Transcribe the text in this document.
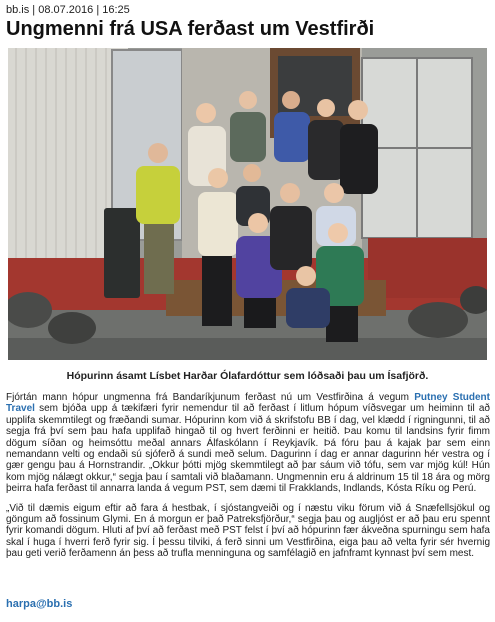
bb.is | 08.07.2016 | 16:25
Ungmenni frá USA ferðast um Vestfirði
Hópurinn ásamt Lísbet Harðar Ólafardóttur sem lóðsaði þau um Ísafjörð.

Fjórtán mann hópur ungmenna frá Bandaríkjunum ferðast nú um Vestfirðina á vegum Putney Student Travel sem bjóða upp á tækifæri fyrir nemendur til að ferðast í litlum hópum víðsvegar um heiminn til að upplifa skemmtilegt og fræðandi sumar. Hópurinn kom við á skrifstofu BB í dag, vel klædd í rigningunni, til að segja frá því sem þau hafa upplifað hingað til og hvert ferðinni er heitið. Þau komu til landsins fyrir fimm dögum síðan og heimsóttu meðal annars Álfaskólann í Reykjavík. Þá fóru þau á kajak þar sem einn nemandann velti og endaði sú sjóferð á sundi með selum. Dagurinn í dag er annar dagurinn hér vestra og í gær gengu þau á Hornstrandir. „Okkur þótti mjög skemmtilegt að þar sáum við tófu, sem var mjög kúl! Hún kom mjög nálægt okkur,“ segja þau í samtali við blaðamann. Ungmennin eru á aldrinum 15 til 18 ára og mörg þeirra hafa ferðast til annarra landa á vegum PST, sem dæmi til Frakklands, Indlands, Kósta Ríku og Perú.

„Við til dæmis eigum eftir að fara á hestbak, í sjóstangveiði og í næstu viku förum við á Snæfellsjökul og göngum að fossinum Glymi. En á morgun er það Patreksfjörður,“ segja þau og augljóst er að þau eru spennt fyrir komandi dögum. Hluti af því að ferðast með PST felst í því að hópurinn fær ákveðna spurningu sem hafa skal í huga í hverri ferð fyrir sig. Í þessu tilviki, á ferð sinni um Vestfirðina, eiga þau að velta fyrir sér hvernig þau geti verið ferðamenn án þess að trufla menninguna og samfélagið en jafnframt kynnast því sem mest.

harpa@bb.is
